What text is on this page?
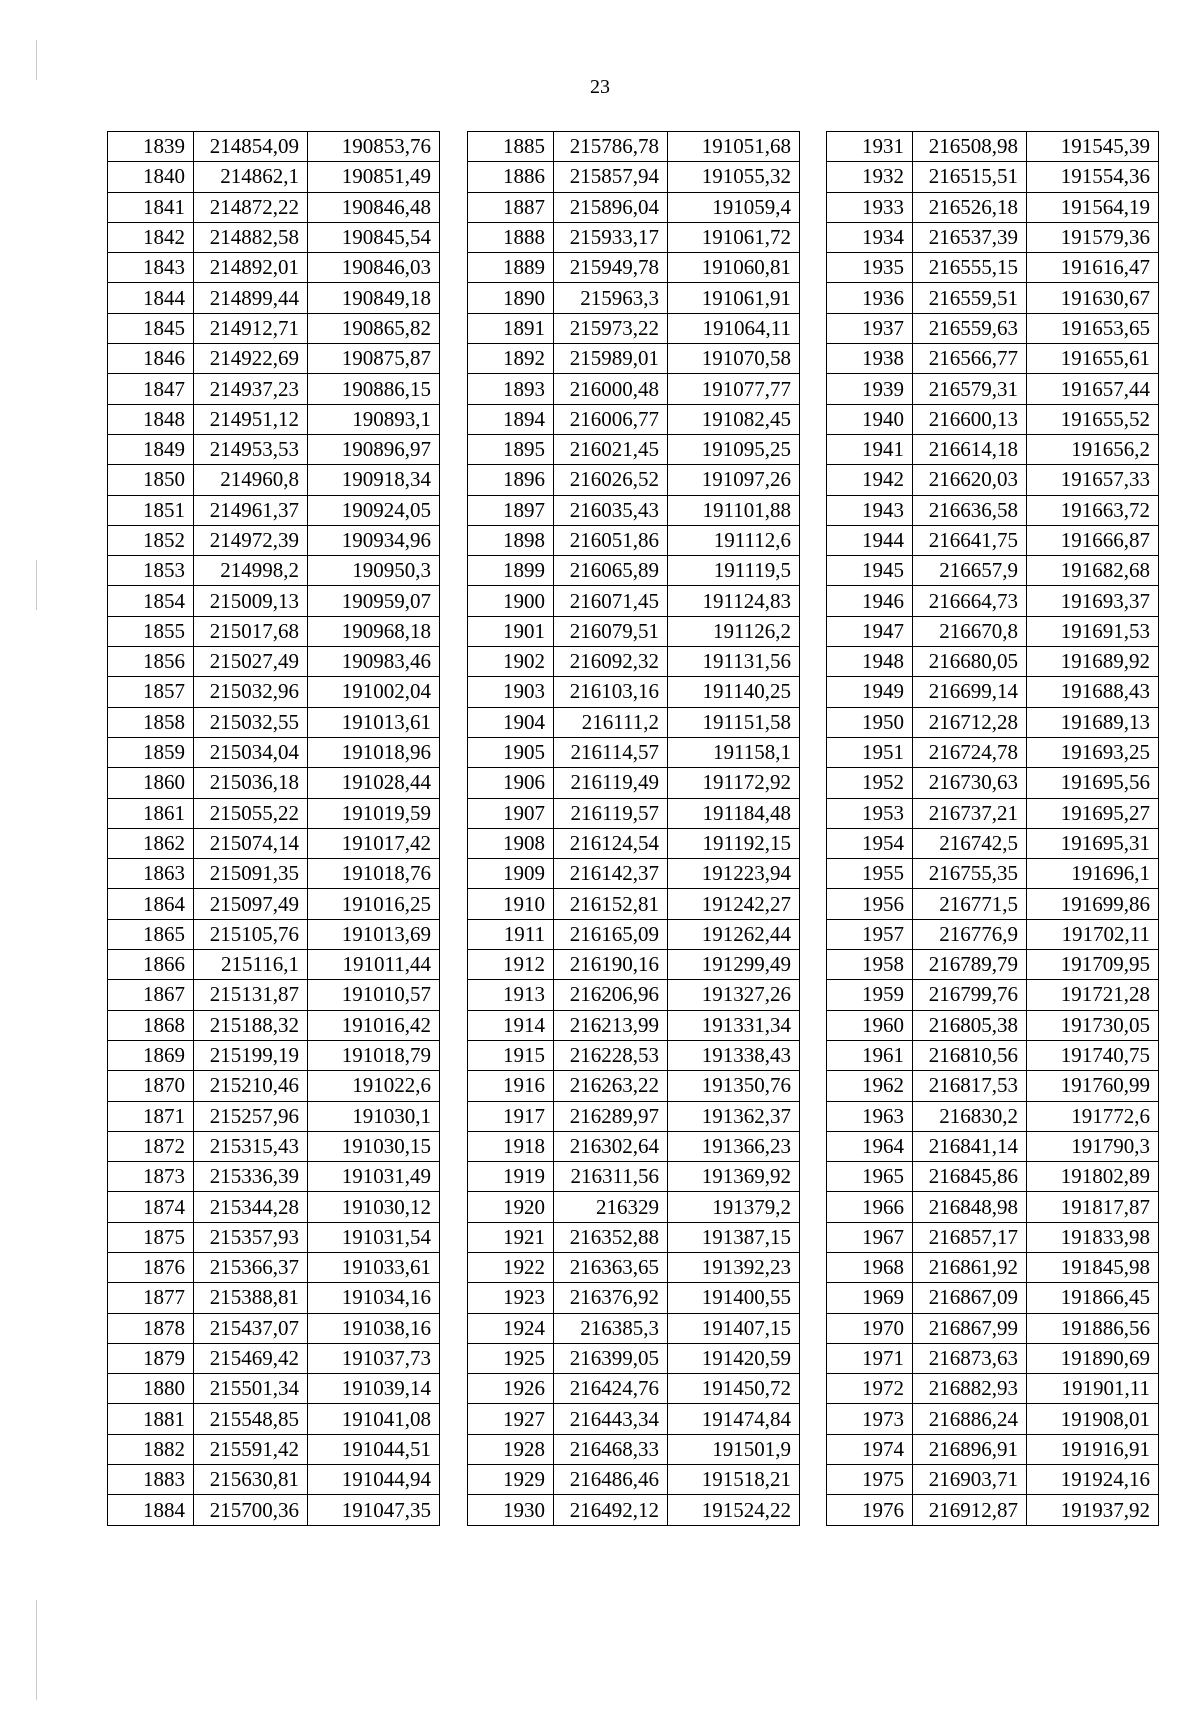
23
1839	214854,09	190853,76
1840	214862,1	190851,49
1841	214872,22	190846,48
1842	214882,58	190845,54
1843	214892,01	190846,03
1844	214899,44	190849,18
1845	214912,71	190865,82
1846	214922,69	190875,87
1847	214937,23	190886,15
1848	214951,12	190893,1
1849	214953,53	190896,97
1850	214960,8	190918,34
1851	214961,37	190924,05
1852	214972,39	190934,96
1853	214998,2	190950,3
1854	215009,13	190959,07
1855	215017,68	190968,18
1856	215027,49	190983,46
1857	215032,96	191002,04
1858	215032,55	191013,61
1859	215034,04	191018,96
1860	215036,18	191028,44
1861	215055,22	191019,59
1862	215074,14	191017,42
1863	215091,35	191018,76
1864	215097,49	191016,25
1865	215105,76	191013,69
1866	215116,1	191011,44
1867	215131,87	191010,57
1868	215188,32	191016,42
1869	215199,19	191018,79
1870	215210,46	191022,6
1871	215257,96	191030,1
1872	215315,43	191030,15
1873	215336,39	191031,49
1874	215344,28	191030,12
1875	215357,93	191031,54
1876	215366,37	191033,61
1877	215388,81	191034,16
1878	215437,07	191038,16
1879	215469,42	191037,73
1880	215501,34	191039,14
1881	215548,85	191041,08
1882	215591,42	191044,51
1883	215630,81	191044,94
1884	215700,36	191047,35
1885	215786,78	191051,68
1886	215857,94	191055,32
1887	215896,04	191059,4
1888	215933,17	191061,72
1889	215949,78	191060,81
1890	215963,3	191061,91
1891	215973,22	191064,11
1892	215989,01	191070,58
1893	216000,48	191077,77
1894	216006,77	191082,45
1895	216021,45	191095,25
1896	216026,52	191097,26
1897	216035,43	191101,88
1898	216051,86	191112,6
1899	216065,89	191119,5
1900	216071,45	191124,83
1901	216079,51	191126,2
1902	216092,32	191131,56
1903	216103,16	191140,25
1904	216111,2	191151,58
1905	216114,57	191158,1
1906	216119,49	191172,92
1907	216119,57	191184,48
1908	216124,54	191192,15
1909	216142,37	191223,94
1910	216152,81	191242,27
1911	216165,09	191262,44
1912	216190,16	191299,49
1913	216206,96	191327,26
1914	216213,99	191331,34
1915	216228,53	191338,43
1916	216263,22	191350,76
1917	216289,97	191362,37
1918	216302,64	191366,23
1919	216311,56	191369,92
1920	216329	191379,2
1921	216352,88	191387,15
1922	216363,65	191392,23
1923	216376,92	191400,55
1924	216385,3	191407,15
1925	216399,05	191420,59
1926	216424,76	191450,72
1927	216443,34	191474,84
1928	216468,33	191501,9
1929	216486,46	191518,21
1930	216492,12	191524,22
1931	216508,98	191545,39
1932	216515,51	191554,36
1933	216526,18	191564,19
1934	216537,39	191579,36
1935	216555,15	191616,47
1936	216559,51	191630,67
1937	216559,63	191653,65
1938	216566,77	191655,61
1939	216579,31	191657,44
1940	216600,13	191655,52
1941	216614,18	191656,2
1942	216620,03	191657,33
1943	216636,58	191663,72
1944	216641,75	191666,87
1945	216657,9	191682,68
1946	216664,73	191693,37
1947	216670,8	191691,53
1948	216680,05	191689,92
1949	216699,14	191688,43
1950	216712,28	191689,13
1951	216724,78	191693,25
1952	216730,63	191695,56
1953	216737,21	191695,27
1954	216742,5	191695,31
1955	216755,35	191696,1
1956	216771,5	191699,86
1957	216776,9	191702,11
1958	216789,79	191709,95
1959	216799,76	191721,28
1960	216805,38	191730,05
1961	216810,56	191740,75
1962	216817,53	191760,99
1963	216830,2	191772,6
1964	216841,14	191790,3
1965	216845,86	191802,89
1966	216848,98	191817,87
1967	216857,17	191833,98
1968	216861,92	191845,98
1969	216867,09	191866,45
1970	216867,99	191886,56
1971	216873,63	191890,69
1972	216882,93	191901,11
1973	216886,24	191908,01
1974	216896,91	191916,91
1975	216903,71	191924,16
1976	216912,87	191937,92
